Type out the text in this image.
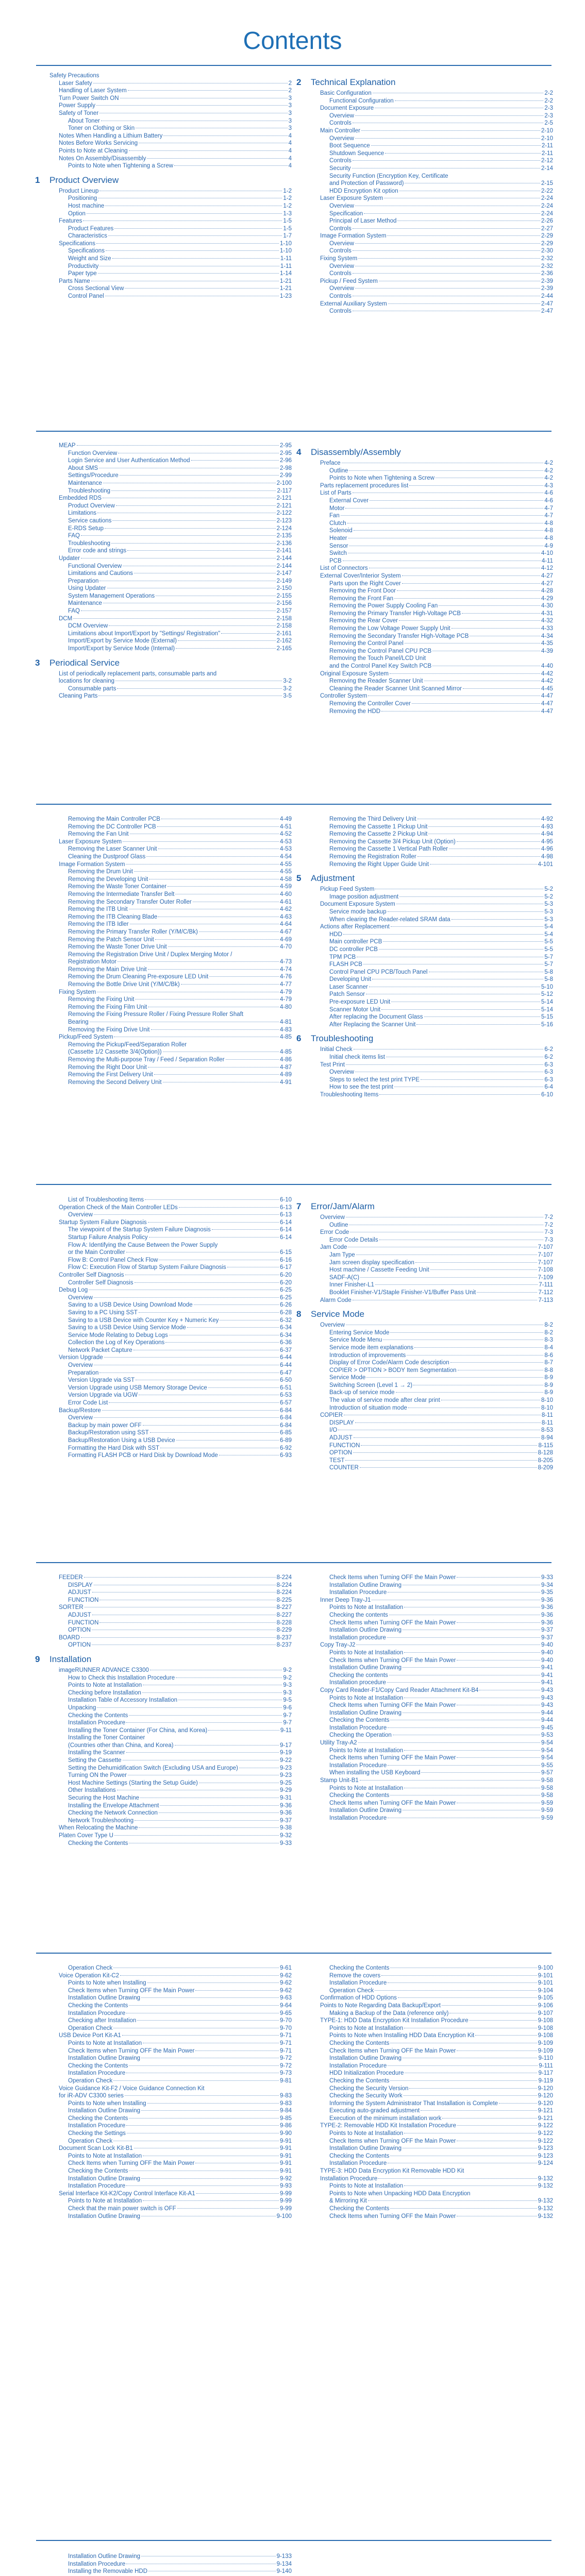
Contents
Safety Precautions
Laser Safety	2
Handling of Laser System	2
Turn Power Switch ON	3
Power Supply	3
Safety of Toner	3
About Toner	3
Toner on Clothing or Skin	3
Notes When Handling a Lithium Battery	4
Notes Before Works Servicing	4
Points to Note at Cleaning	4
Notes On Assembly/Disassembly	4
Points to Note when Tightening a Screw	4
1	Product Overview
Product Lineup	1-2
Positioning	1-2
Host machine	1-2
Option	1-3
Features	1-5
Product Features	1-5
Characteristics	1-7
Specifications	1-10
Specifications	1-10
Weight and Size	1-11
Productivity	1-11
Paper type	1-14
Parts Name	1-21
Cross Sectional View	1-21
Control Panel	1-23
2	Technical Explanation
Basic Configuration	2-2
Functional Configuration	2-2
Document Exposure	2-3
Overview	2-3
Controls	2-5
Main Controller	2-10
Overview	2-10
Boot Sequence	2-11
Shutdown Sequence	2-11
Controls	2-12
Security	2-14
Security Function (Encryption Key, Certificate
and Protection of Password)	2-15
HDD Encryption Kit option	2-22
Laser Exposure System	2-24
Overview	2-24
Specification	2-24
Principal of Laser Method	2-26
Controls	2-27
Image Formation System	2-29
Overview	2-29
Controls	2-30
Fixing System	2-32
Overview	2-32
Controls	2-36
Pickup / Feed System	2-39
Overview	2-39
Controls	2-44
External Auxiliary System	2-47
Controls	2-47
MEAP	2-95
Function Overview	2-95
Login Service and User Authentication Method	2-96
About SMS	2-98
Settings/Procedure	2-99
Maintenance	2-100
Troubleshooting	2-117
Embedded RDS	2-121
Product Overview	2-121
Limitations	2-122
Service cautions	2-123
E-RDS Setup	2-124
FAQ	2-135
Troubleshooting	2-136
Error code and strings	2-141
Updater	2-144
Functional Overview	2-144
Limitations and Cautions	2-147
Preparation	2-149
Using Updater	2-150
System Management Operations	2-155
Maintenance	2-156
FAQ	2-157
DCM	2-158
DCM Overview	2-158
Limitations about Import/Export by "Settings/ Registration"	2-161
Import/Export by Service Mode (External)	2-162
Import/Export by Service Mode (Internal)	2-165
3	Periodical Service
List of periodically replacement parts, consumable parts and
locations for cleaning	3-2
Consumable parts	3-2
Cleaning Parts	3-5
4	Disassembly/Assembly
Preface	4-2
Outline	4-2
Points to Note when Tightening a Screw	4-2
Parts replacement procedures list	4-3
List of Parts	4-6
External Cover	4-6
Motor	4-7
Fan	4-7
Clutch	4-8
Solenoid	4-8
Heater	4-8
Sensor	4-9
Switch	4-10
PCB	4-11
List of Connectors	4-12
External Cover/Interior System	4-27
Parts upon the Right Cover	4-27
Removing the Front Door	4-28
Removing the Front Fan	4-29
Removing the Power Supply Cooling Fan	4-30
Removing the Primary Transfer High-Voltage PCB	4-31
Removing the Rear Cover	4-32
Removing the Low Voltage Power Supply Unit	4-33
Removing the Secondary Transfer High-Voltage PCB	4-34
Removing the Control Panel	4-35
Removing the Control Panel CPU PCB	4-39
Removing the Touch Panel/LCD Unit
and the Control Panel Key Switch PCB	4-40
Original Exposure System	4-42
Removing the Reader Scanner Unit	4-42
Cleaning the Reader Scanner Unit Scanned Mirror	4-45
Controller System	4-47
Removing the Controller Cover	4-47
Removing the HDD	4-47
Removing the Main Controller PCB	4-49
Removing the DC Controller PCB	4-51
Removing the Fan Unit	4-52
Laser Exposure System	4-53
Removing the Laser Scanner Unit	4-53
Cleaning the Dustproof Glass	4-54
Image Formation System	4-55
Removing the Drum Unit	4-55
Removing the Developing Unit	4-58
Removing the Waste Toner Container	4-59
Removing the Intermediate Transfer Belt	4-60
Removing the Secondary Transfer Outer Roller	4-61
Removing the ITB Unit	4-62
Removing the ITB Cleaning Blade	4-63
Removing the ITB Idler	4-64
Removing the Primary Transfer Roller (Y/M/C/Bk)	4-67
Removing the Patch Sensor Unit	4-69
Removing the Waste Toner Drive Unit	4-70
Removing the Registration Drive Unit / Duplex Merging Motor /
Registration Motor	4-73
Removing the Main Drive Unit	4-74
Removing the Drum Cleaning Pre-exposure LED Unit	4-76
Removing the Bottle Drive Unit (Y/M/C/Bk)	4-77
Fixing System	4-79
Removing the Fixing Unit	4-79
Removing the Fixing Film Unit	4-80
Removing the Fixing Pressure Roller / Fixing Pressure Roller Shaft
Bearing	4-81
Removing the Fixing Drive Unit	4-83
Pickup/Feed System	4-85
Removing the Pickup/Feed/Separation Roller
(Cassette 1/2 Cassette 3/4(Option))	4-85
Removing the Multi-purpose Tray / Feed / Separation Roller	4-86
Removing the Right Door Unit	4-87
Removing the First Delivery Unit	4-89
Removing the Second Delivery Unit	4-91
Removing the Third Delivery Unit	4-92
Removing the Cassette 1 Pickup Unit	4-93
Removing the Cassette 2 Pickup Unit	4-94
Removing the Cassette 3/4 Pickup Unit (Option)	4-95
Removing the Cassette 1 Vertical Path Roller	4-96
Removing the Registration Roller	4-98
Removing the Right Upper Guide Unit	4-101
5	Adjustment
Pickup Feed System	5-2
Image position adjustment	5-2
Document Exposure System	5-3
Service mode backup	5-3
When clearing the Reader-related SRAM data	5-3
Actions after Replacement	5-4
HDD	5-4
Main controller PCB	5-5
DC controller PCB	5-5
TPM PCB	5-7
FLASH PCB	5-7
Control Panel CPU PCB/Touch Panel	5-8
Developing Unit	5-8
Laser Scanner	5-10
Patch Sensor	5-12
Pre-exposure LED Unit	5-14
Scanner Motor Unit	5-14
After replacing the Document Glass	5-15
After Replacing the Scanner Unit	5-16
6	Troubleshooting
Initial Check	6-2
Initial check items list	6-2
Test Print	6-3
Overview	6-3
Steps to select the test print TYPE	6-3
How to see the test print	6-4
Troubleshooting Items	6-10
List of Troubleshooting Items	6-10
Operation Check of the Main Controller LEDs	6-13
Overview	6-13
Startup System Failure Diagnosis	6-14
The viewpoint of the Startup System Failure Diagnosis	6-14
Startup Failure Analysis Policy	6-14
Flow A: Identifying the Cause Between the Power Supply
or the Main Controller	6-15
Flow B: Control Panel Check Flow	6-16
Flow C: Execution Flow of Startup System Failure Diagnosis	6-17
Controller Self Diagnosis	6-20
Controller Self Diagnosis	6-20
Debug Log	6-25
Overview	6-25
Saving to a USB Device Using Download Mode	6-26
Saving to a PC Using SST	6-28
Saving to a USB Device with Counter Key + Numeric Key	6-32
Saving to a USB Device Using Service Mode	6-34
Service Mode Relating to Debug Logs	6-34
Collection the Log of Key Operations	6-36
Network Packet Capture	6-37
Version Upgrade	6-44
Overview	6-44
Preparation	6-47
Version Upgrade via SST	6-50
Version Upgrade using USB Memory Storage Device	6-51
Version Upgrade via UGW	6-53
Error Code List	6-57
Backup/Restore	6-84
Overview	6-84
Backup by main power OFF	6-84
Backup/Restoration using SST	6-85
Backup/Restoration Using a USB Device	6-89
Formatting the Hard Disk with SST	6-92
Formatting FLASH PCB or Hard Disk by Download Mode	6-93
7	Error/Jam/Alarm
Overview	7-2
Outline	7-2
Error Code	7-3
Error Code Details	7-3
Jam Code	7-107
Jam Type	7-107
Jam screen display specification	7-107
Host machine / Cassette Feeding Unit	7-108
SADF-A(C)	7-109
Inner Finisher-L1	7-111
Booklet Finisher-V1/Staple Finisher-V1/Buffer Pass Unit	7-112
Alarm Code	7-113
8	Service Mode
Overview	8-2
Entering Service Mode	8-2
Service Mode Menu	8-3
Service mode item explanations	8-4
Introduction of improvements	8-6
Display of Error Code/Alarm Code description	8-7
COPIER > OPTION > BODY Item Segmentation	8-8
Service Mode	8-9
Switching Screen (Level 1 → 2)	8-9
Back-up of service mode	8-9
The value of service mode after clear print	8-10
Introduction of situation mode	8-10
COPIER	8-11
DISPLAY	8-11
I/O	8-53
ADJUST	8-94
FUNCTION	8-115
OPTION	8-128
TEST	8-205
COUNTER	8-209
FEEDER	8-224
DISPLAY	8-224
ADJUST	8-224
FUNCTION	8-225
SORTER	8-227
ADJUST	8-227
FUNCTION	8-228
OPTION	8-229
BOARD	8-237
OPTION	8-237
9	Installation
imageRUNNER ADVANCE C3300	9-2
How to Check this Installation Procedure	9-2
Points to Note at Installation	9-3
Checking before Installation	9-3
Installation Table of Accessory Installation	9-5
Unpacking	9-6
Checking the Contents	9-7
Installation Procedure	9-7
Installing the Toner Container (For China, and Korea)	9-11
Installing the Toner Container
(Countries other than China, and Korea)	9-17
Installing the Scanner	9-19
Setting the Cassette	9-22
Setting the Dehumidification Switch (Excluding USA and Europe)	9-23
Turning ON the Power	9-23
Host Machine Settings (Starting the Setup Guide)	9-25
Other Installations	9-29
Securing the Host Machine	9-31
Installing the Envelope Attachment	9-36
Checking the Network Connection	9-36
Network Troubleshooting	9-37
When Relocating the Machine	9-38
Platen Cover Type U	9-32
Checking the Contents	9-33
Check Items when Turning OFF the Main Power	9-33
Installation Outline Drawing	9-34
Installation Procedure	9-35
Inner Deep Tray-J1	9-36
Points to Note at Installation	9-36
Checking the contents	9-36
Check Items when Turning OFF the Main Power	9-36
Installation Outline Drawing	9-37
Installation procedure	9-37
Copy Tray-J2	9-40
Points to Note at Installation	9-40
Check Items when Turning OFF the Main Power	9-40
Installation Outline Drawing	9-41
Checking the contents	9-41
Installation procedure	9-41
Copy Card Reader-F1/Copy Card Reader Attachment Kit-B4	9-43
Points to Note at Installation	9-43
Check Items when Turning OFF the Main Power	9-43
Installation Outline Drawing	9-44
Checking the Contents	9-44
Installation Procedure	9-45
Checking the Operation	9-53
Utility Tray-A2	9-54
Points to Note at Installation	9-54
Check Items when Turning OFF the Main Power	9-54
Installation Procedure	9-55
When installing the USB Keyboard	9-57
Stamp Unit-B1	9-58
Points to Note at Installation	9-58
Checking the Contents	9-58
Check Items when Turning OFF the Main Power	9-59
Installation Outline Drawing	9-59
Installation Procedure	9-59
Operation Check	9-61
Voice Operation Kit-C2	9-62
Points to Note when Installing	9-62
Check Items when Turning OFF the Main Power	9-62
Installation Outline Drawing	9-63
Checking the Contents	9-64
Installation Procedure	9-65
Checking after Installation	9-70
Operation Check	9-70
USB Device Port Kit-A1	9-71
Points to Note at Installation	9-71
Check Items when Turning OFF the Main Power	9-71
Installation Outline Drawing	9-72
Checking the Contents	9-72
Installation Procedure	9-73
Operation Check	9-81
Voice Guidance Kit-F2 / Voice Guidance Connection Kit
for iR-ADV C3300 series	9-83
Points to Note when Installing	9-83
Installation Outline Drawing	9-84
Checking the Contents	9-85
Installation Procedure	9-86
Checking the Settings	9-90
Operation Check	9-91
Document Scan Lock Kit-B1	9-91
Points to Note at Installation	9-91
Check Items when Turning OFF the Main Power	9-91
Checking the Contents	9-91
Installation Outline Drawing	9-92
Installation Procedure	9-93
Serial Interface Kit-K2/Copy Control Interface Kit-A1	9-99
Points to Note at Installation	9-99
Check that the main power switch is OFF	9-99
Installation Outline Drawing	9-100
Checking the Contents	9-100
Remove the covers	9-101
Installation Procedure	9-101
Operation Check	9-104
Confirmation of HDD Options	9-105
Points to Note Regarding Data Backup/Export	9-106
Making a Backup of the Data (reference only)	9-107
TYPE-1: HDD Data Encryption Kit Installation Procedure	9-108
Points to Note at Installation	9-108
Points to Note when Installing HDD Data Encryption Kit	9-108
Checking the Contents	9-109
Check Items when Turning OFF the Main Power	9-109
Installation Outline Drawing	9-110
Installation Procedure	9-111
HDD Initialization Procedure	9-117
Checking the Contents	9-119
Checking the Security Version	9-120
Checking the Security Work	9-120
Informing the System Administrator That Installation is Complete	9-120
Executing auto-graded adjustment	9-121
Execution of the minimum installation work	9-121
TYPE-2: Removable HDD Kit Installation Procedure	9-122
Points to Note at Installation	9-122
Check Items when Turning OFF the Main Power	9-122
Installation Outline Drawing	9-123
Checking the Contents	9-123
Installation Procedure	9-124
TYPE-3: HDD Data Encryption Kit Removable HDD Kit
Installation Procedure	9-132
Points to Note at Installation	9-132
Points to Note when Unpacking HDD Data Encryption
& Mirroring Kit	9-132
Checking the Contents	9-132
Check Items when Turning OFF the Main Power	9-132
Installation Outline Drawing	9-133
Installation Procedure	9-134
Installing the Removable HDD	9-140
